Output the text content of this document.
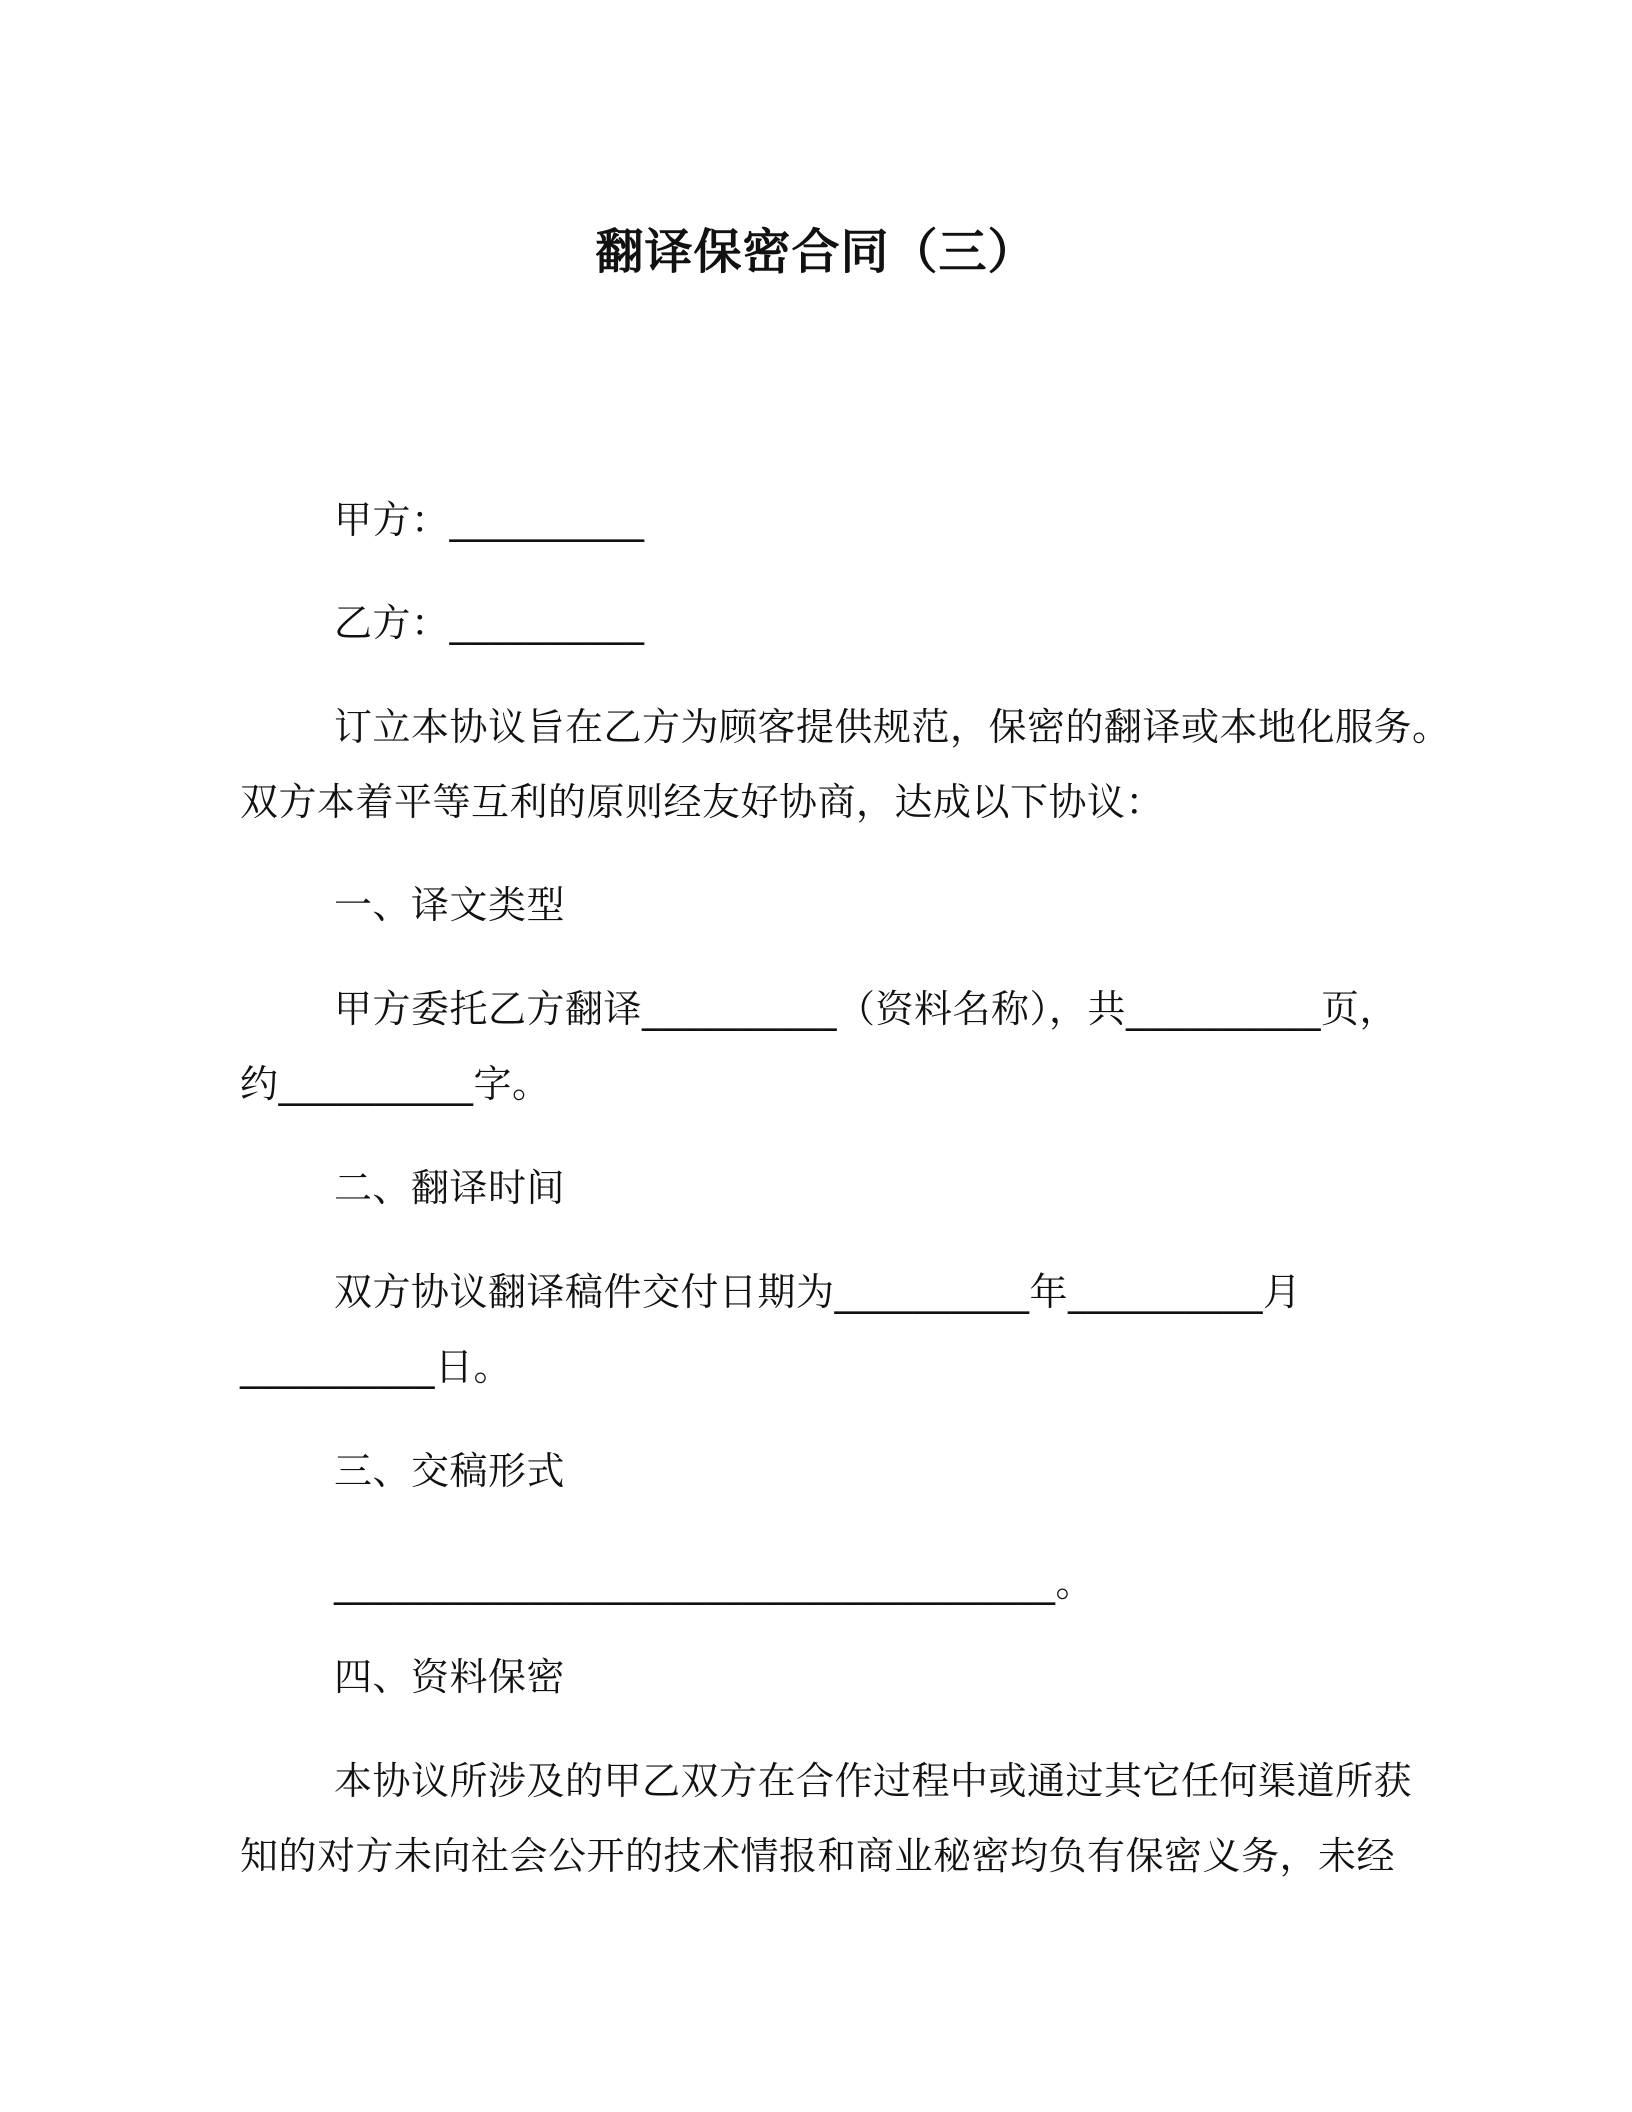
翻译保密合同（三）
甲方：__________
乙方：__________
订立本协议旨在乙方为顾客提供规范，保密的翻译或本地化服务。
双方本着平等互利的原则经友好协商，达成以下协议：
一、译文类型
甲方委托乙方翻译__________（资料名称），共__________页，
约__________字。
二、翻译时间
双方协议翻译稿件交付日期为__________年__________月
__________日。
三、交稿形式
_____________________________________。
四、资料保密
本协议所涉及的甲乙双方在合作过程中或通过其它任何渠道所获
知的对方未向社会公开的技术情报和商业秘密均负有保密义务，未经
